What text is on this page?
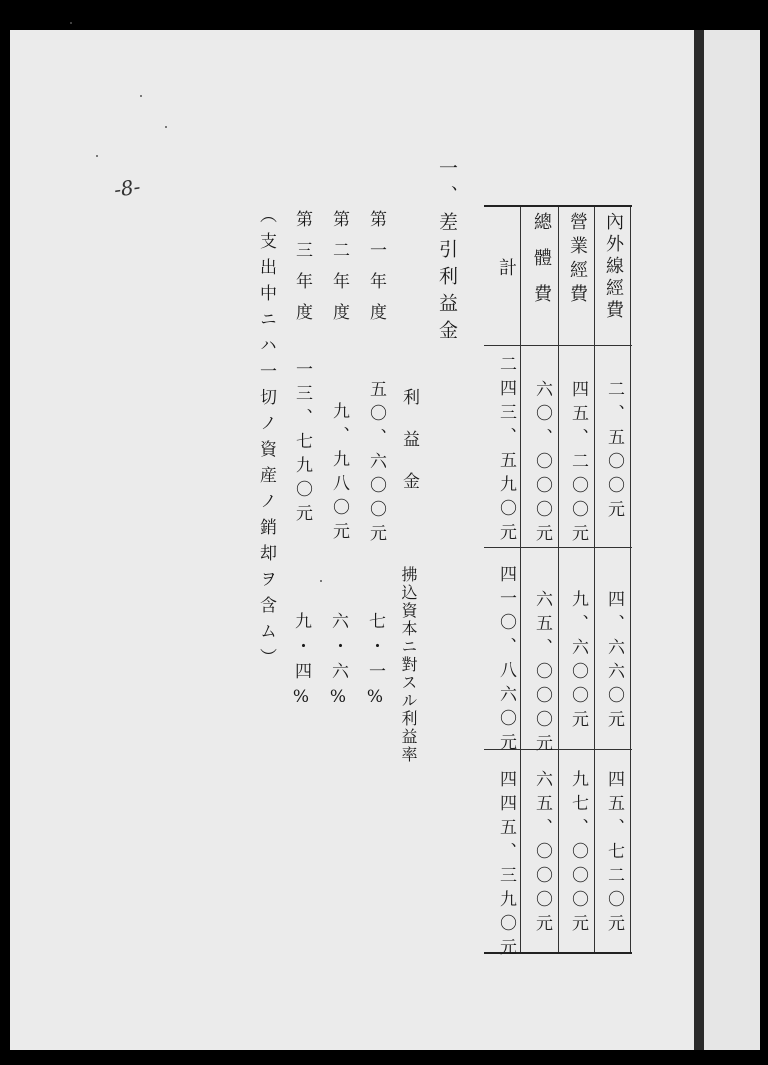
-8-
內外線經費
營業經費
總體費
計
二、五〇〇元
四五、二〇〇元
六〇、〇〇〇元
二四三、五九〇元
四、六六〇元
九、六〇〇元
六五、〇〇〇元
四一〇、八六〇元
四五、七二〇元
九七、〇〇〇元
六五、〇〇〇元
四四五、三九〇元
一、差引利益金
利　益　金
拂込資本ニ對スル利益率
第一年度
第二年度
第三年度
五〇、六〇〇元
九、九八〇元
一三、七九〇元
七・一%
六・六%
九・四%
（支出中ニハ一切ノ資産ノ銷却ヲ含ム）
